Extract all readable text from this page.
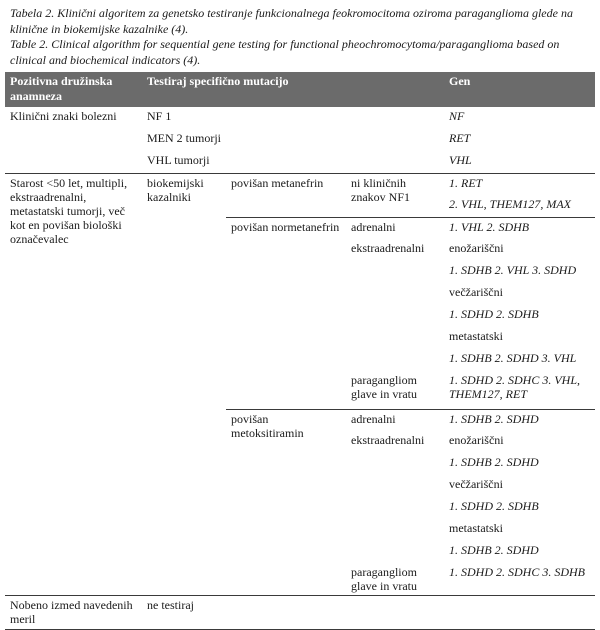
Tabela 2. Klinični algoritem za genetsko testiranje funkcionalnega feokromocitoma oziroma paraganglioma glede na klinične in biokemijske kazalnike (4).

Table 2. Clinical algorithm for sequential gene testing for functional pheochromocytoma/paraganglioma based on clinical and biochemical indicators (4).

Pozitivna družinska anamneza	Testiraj specifično mutacijo			Gen
Klinični znaki bolezni	NF 1			NF
	MEN 2 tumorji			RET
	VHL tumorji			VHL
Starost <50 let, multipli, ekstraadrenalni, metastatski tumorji, več kot en povišan biološki označevalec	biokemijski kazalniki	povišan metanefrin	ni kliničnih znakov NF1	1. RET
				2. VHL, THEM127, MAX
		povišan normetanefrin	adrenalni	1. VHL 2. SDHB
			ekstraadrenalni	enožariščni
				1. SDHB 2. VHL 3. SDHD
				večžariščni
				1. SDHD 2. SDHB
				metastatski
				1. SDHB 2. SDHD 3. VHL
			paragangliom glave in vratu	1. SDHD 2. SDHC 3. VHL, THEM127, RET
		povišan metoksitiramin	adrenalni	1. SDHB 2. SDHD
			ekstraadrenalni	enožariščni
				1. SDHB 2. SDHD
				večžariščni
				1. SDHD 2. SDHB
				metastatski
				1. SDHB 2. SDHD
			paragangliom glave in vratu	1. SDHD 2. SDHC 3. SDHB
Nobeno izmed navedenih meril	ne testiraj			
